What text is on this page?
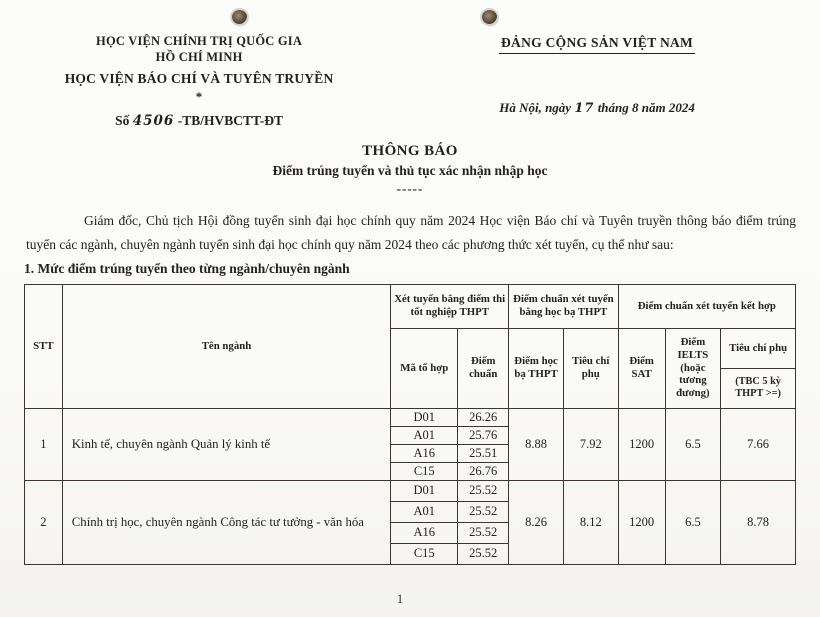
HỌC VIỆN CHÍNH TRỊ QUỐC GIA
HỒ CHÍ MINH
HỌC VIỆN BÁO CHÍ VÀ TUYÊN TRUYỀN
*
Số 4506 -TB/HVBCTT-ĐT
ĐẢNG CỘNG SẢN VIỆT NAM
Hà Nội, ngày 17 tháng 8 năm 2024
THÔNG BÁO
Điểm trúng tuyển và thủ tục xác nhận nhập học
-----

Giám đốc, Chủ tịch Hội đồng tuyển sinh đại học chính quy năm 2024 Học viện Báo chí và Tuyên truyền thông báo điểm trúng tuyển các ngành, chuyên ngành tuyển sinh đại học chính quy năm 2024 theo các phương thức xét tuyển, cụ thể như sau:

1. Mức điểm trúng tuyển theo từng ngành/chuyên ngành
STT	Tên ngành	Xét tuyển bằng điểm thi tốt nghiệp THPT		Điểm chuẩn xét tuyển bằng học bạ THPT		Điểm chuẩn xét tuyển kết hợp		
		Mã tổ hợp	Điểm chuẩn	Điểm học bạ THPT	Tiêu chí phụ	Điểm SAT	Điểm IELTS (hoặc tương đương)	Tiêu chí phụ
								(TBC 5 kỳ THPT >=)
1	Kinh tế, chuyên ngành Quản lý kinh tế	D01	26.26	8.88	7.92	1200	6.5	7.66
		A01	25.76					
		A16	25.51					
		C15	26.76					
2	Chính trị học, chuyên ngành Công tác tư tưởng - văn hóa	D01	25.52	8.26	8.12	1200	6.5	8.78
		A01	25.52					
		A16	25.52					
		C15	25.52					
1
